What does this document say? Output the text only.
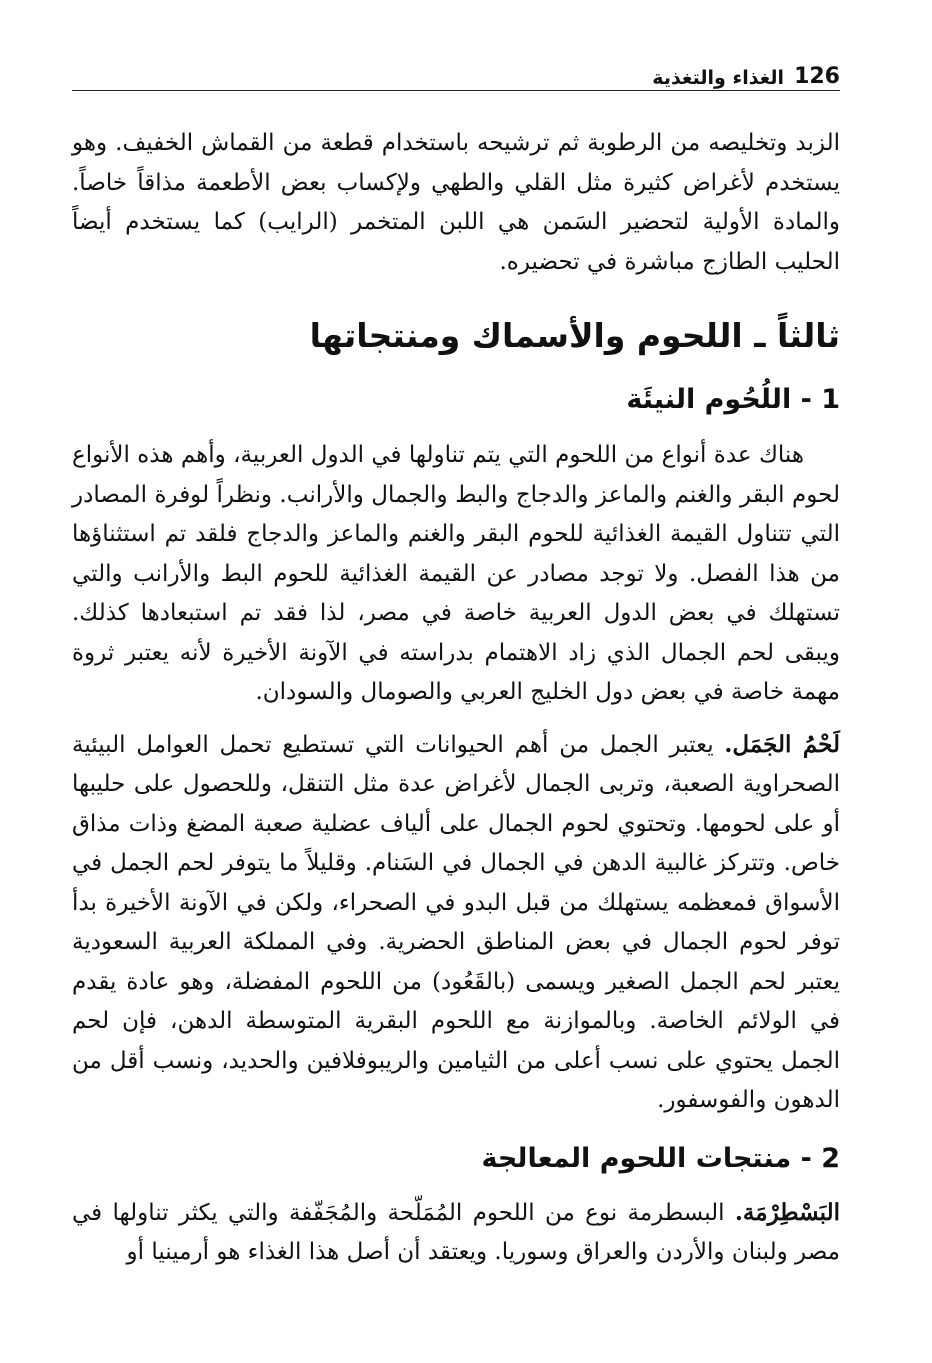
126
الغذاء والتغذية

الزبد وتخليصه من الرطوبة ثم ترشيحه باستخدام قطعة من القماش الخفيف. وهو يستخدم لأغراض كثيرة مثل القلي والطهي ولإكساب بعض الأطعمة مذاقاً خاصاً. والمادة الأولية لتحضير السَمن هي اللبن المتخمر (الرايب) كما يستخدم أيضاً الحليب الطازج مباشرة في تحضيره.

ثالثاً ـ اللحوم والأسماك ومنتجاتها
1 - اللُحُوم النيئَة

هناك عدة أنواع من اللحوم التي يتم تناولها في الدول العربية، وأهم هذه الأنواع لحوم البقر والغنم والماعز والدجاج والبط والجمال والأرانب. ونظراً لوفرة المصادر التي تتناول القيمة الغذائية للحوم البقر والغنم والماعز والدجاج فلقد تم استثناؤها من هذا الفصل. ولا توجد مصادر عن القيمة الغذائية للحوم البط والأرانب والتي تستهلك في بعض الدول العربية خاصة في مصر، لذا فقد تم استبعادها كذلك. ويبقى لحم الجمال الذي زاد الاهتمام بدراسته في الآونة الأخيرة لأنه يعتبر ثروة مهمة خاصة في بعض دول الخليج العربي والصومال والسودان.

لَحْمُ الجَمَل. يعتبر الجمل من أهم الحيوانات التي تستطيع تحمل العوامل البيئية الصحراوية الصعبة، وتربى الجمال لأغراض عدة مثل التنقل، وللحصول على حليبها أو على لحومها. وتحتوي لحوم الجمال على ألياف عضلية صعبة المضغ وذات مذاق خاص. وتتركز غالبية الدهن في الجمال في السَنام. وقليلاً ما يتوفر لحم الجمل في الأسواق فمعظمه يستهلك من قبل البدو في الصحراء، ولكن في الآونة الأخيرة بدأ توفر لحوم الجمال في بعض المناطق الحضرية. وفي المملكة العربية السعودية يعتبر لحم الجمل الصغير ويسمى (بالقَعُود) من اللحوم المفضلة، وهو عادة يقدم في الولائم الخاصة. وبالموازنة مع اللحوم البقرية المتوسطة الدهن، فإن لحم الجمل يحتوي على نسب أعلى من الثيامين والريبوفلافين والحديد، ونسب أقل من الدهون والفوسفور.

2 - منتجات اللحوم المعالجة

البَسْطِرْمَة. البسطرمة نوع من اللحوم المُمَلّحة والمُجَفّفة والتي يكثر تناولها في مصر ولبنان والأردن والعراق وسوريا. ويعتقد أن أصل هذا الغذاء هو أرمينيا أو
